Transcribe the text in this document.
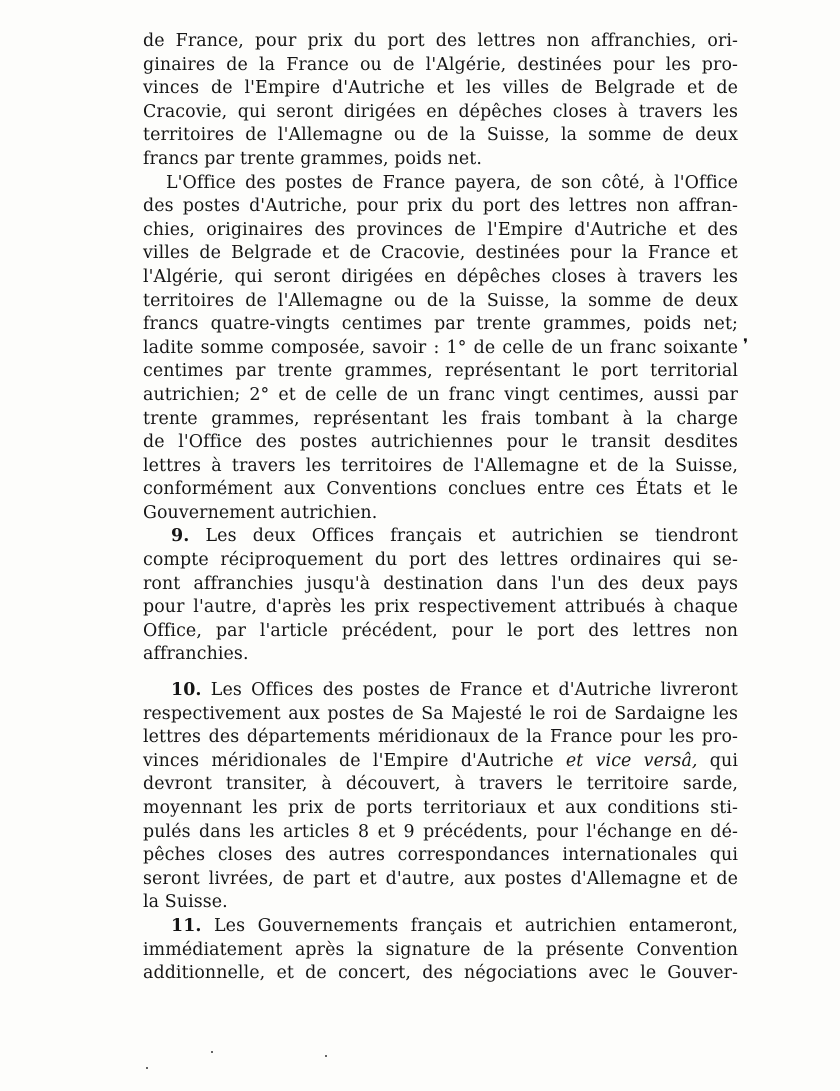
de France, pour prix du port des lettres non affranchies, ori-
ginaires de la France ou de l'Algérie, destinées pour les pro-
vinces de l'Empire d'Autriche et les villes de Belgrade et de
Cracovie, qui seront dirigées en dépêches closes à travers les
territoires de l'Allemagne ou de la Suisse, la somme de deux
francs par trente grammes, poids net.
L'Office des postes de France payera, de son côté, à l'Office
des postes d'Autriche, pour prix du port des lettres non affran-
chies, originaires des provinces de l'Empire d'Autriche et des
villes de Belgrade et de Cracovie, destinées pour la France et
l'Algérie, qui seront dirigées en dépêches closes à travers les
territoires de l'Allemagne ou de la Suisse, la somme de deux
francs quatre-vingts centimes par trente grammes, poids net;
ladite somme composée, savoir : 1° de celle de un franc soixante
centimes par trente grammes, représentant le port territorial
autrichien; 2° et de celle de un franc vingt centimes, aussi par
trente grammes, représentant les frais tombant à la charge
de l'Office des postes autrichiennes pour le transit desdites
lettres à travers les territoires de l'Allemagne et de la Suisse,
conformément aux Conventions conclues entre ces États et le
Gouvernement autrichien.
9. Les deux Offices français et autrichien se tiendront
compte réciproquement du port des lettres ordinaires qui se-
ront affranchies jusqu'à destination dans l'un des deux pays
pour l'autre, d'après les prix respectivement attribués à chaque
Office, par l'article précédent, pour le port des lettres non
affranchies.
10. Les Offices des postes de France et d'Autriche livreront
respectivement aux postes de Sa Majesté le roi de Sardaigne les
lettres des départements méridionaux de la France pour les pro-
vinces méridionales de l'Empire d'Autriche et vice versâ, qui
devront transiter, à découvert, à travers le territoire sarde,
moyennant les prix de ports territoriaux et aux conditions sti-
pulés dans les articles 8 et 9 précédents, pour l'échange en dé-
pêches closes des autres correspondances internationales qui
seront livrées, de part et d'autre, aux postes d'Allemagne et de
la Suisse.
11. Les Gouvernements français et autrichien entameront,
immédiatement après la signature de la présente Convention
additionnelle, et de concert, des négociations avec le Gouver-
❜
